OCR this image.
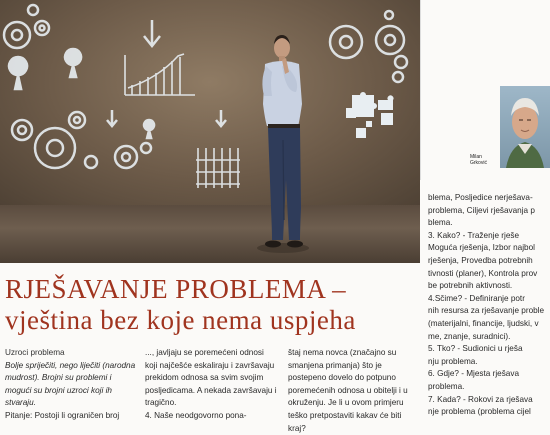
Milan
Grković
RJEŠAVANJE PROBLEMA –
vještina bez koje nema uspjeha

Uzroci problema

Bolje spriječiti, nego liječiti (narodna mudrost). Brojni su problemi i mogući su brojni uzroci koji ih stvaraju.

Pitanje: Postoji li ograničen broj

..., javljaju se poremećeni odnosi koji najčešće eskaliraju i završavaju prekidom odnosa sa svim svojim posljedicama. A nekada završavaju i tragično.

4. Naše neodgovorno pona-

štaj nema novca (značajno su smanjena primanja) što je postepeno dovelo do potpuno poremećenih odnosa u obitelji i u okruženju. Je li u ovom primjeru teško pretpostaviti kakav će biti kraj?

blema, Posljedice nerješava-

problema, Ciljevi rješavanja p

blema.

3. Kako? - Traženje rješe

Moguća rješenja, Izbor najbol

rješenja, Provedba potrebnih

tivnosti (planer), Kontrola prov

be potrebnih aktivnosti.

4.Sčime? - Definiranje potr

nih resursa za rješavanje proble

(materijalni, financije, ljudski, v

me, znanje, suradnici).

5. Tko? - Sudionici u rješa

nju problema.

6. Gdje? - Mjesta rješava

problema.

7. Kada? - Rokovi za rješava

nje problema (problema cijel
